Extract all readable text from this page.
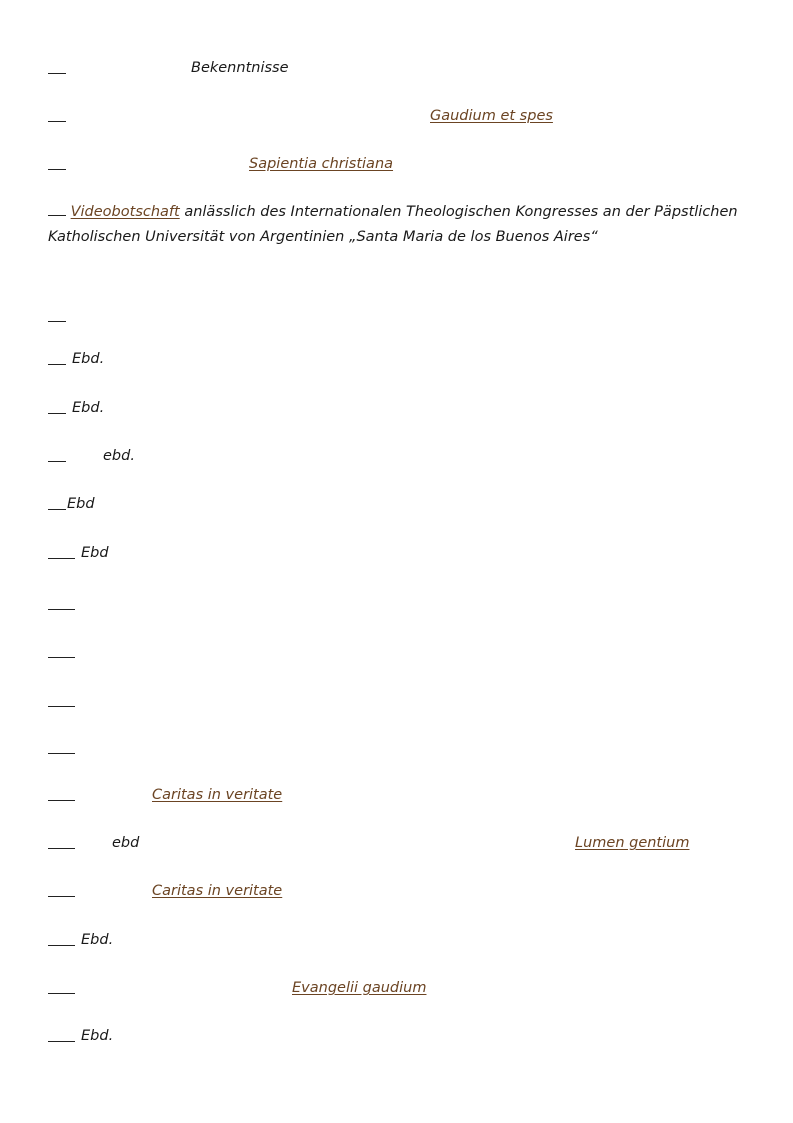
Bekenntnisse
Gaudium et spes
Sapientia christiana
Videobotschaft anlässlich des Internationalen Theologischen Kongresses an der Päpstlichen Katholischen Universität von Argentinien „Santa Maria de los Buenos Aires“
Ebd.
Ebd.
ebd.
Ebd
Ebd
Caritas in veritate
ebd	Lumen gentium
Caritas in veritate
Ebd.
Evangelii gaudium
Ebd.
